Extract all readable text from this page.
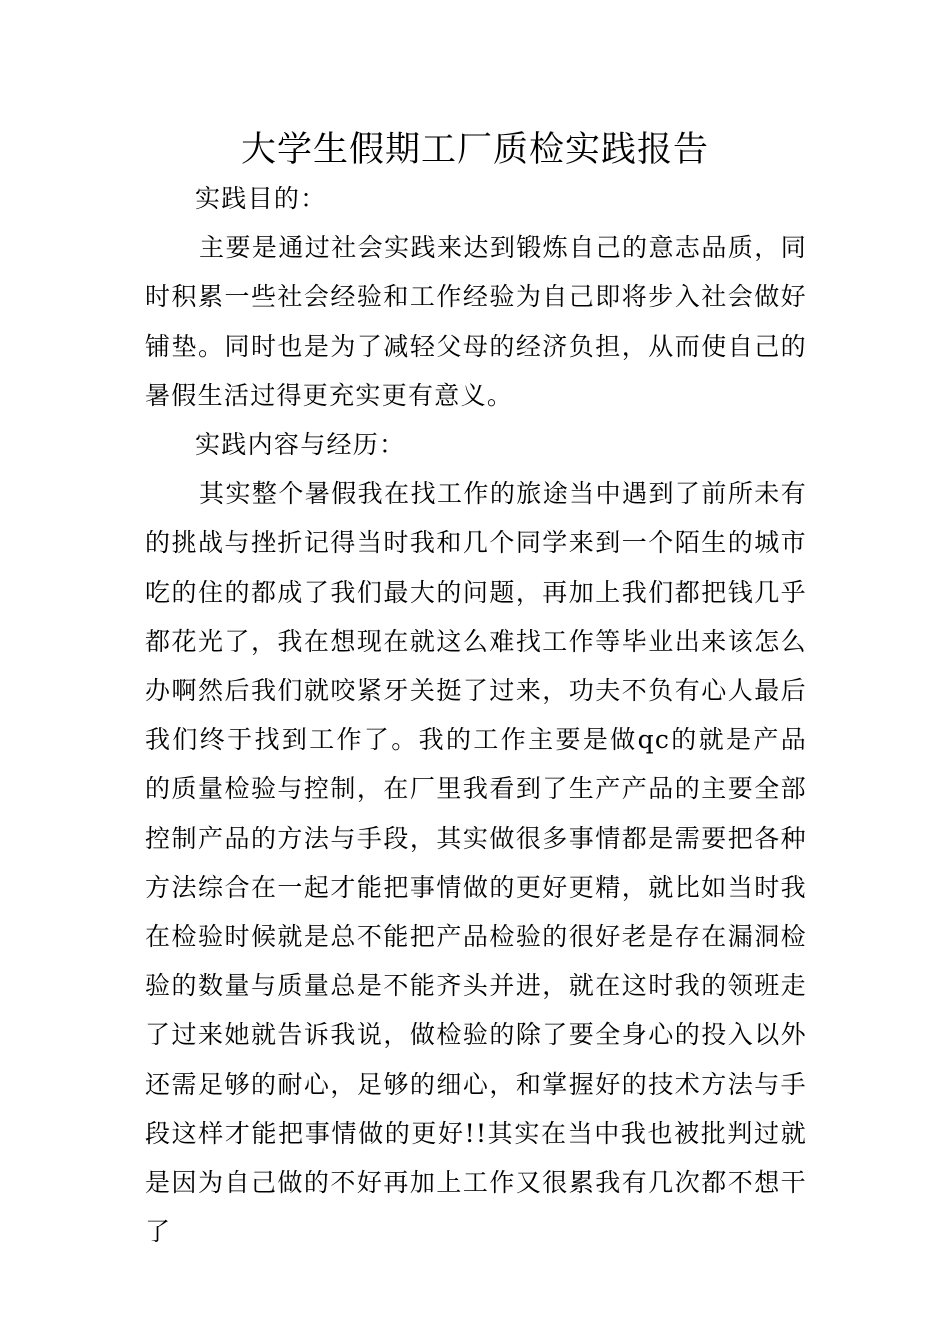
大学生假期工厂质检实践报告

实践目的：

主要是通过社会实践来达到锻炼自己的意志品质，同时积累一些社会经验和工作经验为自己即将步入社会做好铺垫。同时也是为了减轻父母的经济负担，从而使自己的暑假生活过得更充实更有意义。

实践内容与经历：

其实整个暑假我在找工作的旅途当中遇到了前所未有的挑战与挫折记得当时我和几个同学来到一个陌生的城市吃的住的都成了我们最大的问题，再加上我们都把钱几乎都花光了，我在想现在就这么难找工作等毕业出来该怎么办啊然后我们就咬紧牙关挺了过来，功夫不负有心人最后我们终于找到工作了。我的工作主要是做qc的就是产品的质量检验与控制，在厂里我看到了生产产品的主要全部控制产品的方法与手段，其实做很多事情都是需要把各种方法综合在一起才能把事情做的更好更精，就比如当时我在检验时候就是总不能把产品检验的很好老是存在漏洞检验的数量与质量总是不能齐头并进，就在这时我的领班走了过来她就告诉我说，做检验的除了要全身心的投入以外还需足够的耐心，足够的细心，和掌握好的技术方法与手段这样才能把事情做的更好!!其实在当中我也被批判过就是因为自己做的不好再加上工作又很累我有几次都不想干了
